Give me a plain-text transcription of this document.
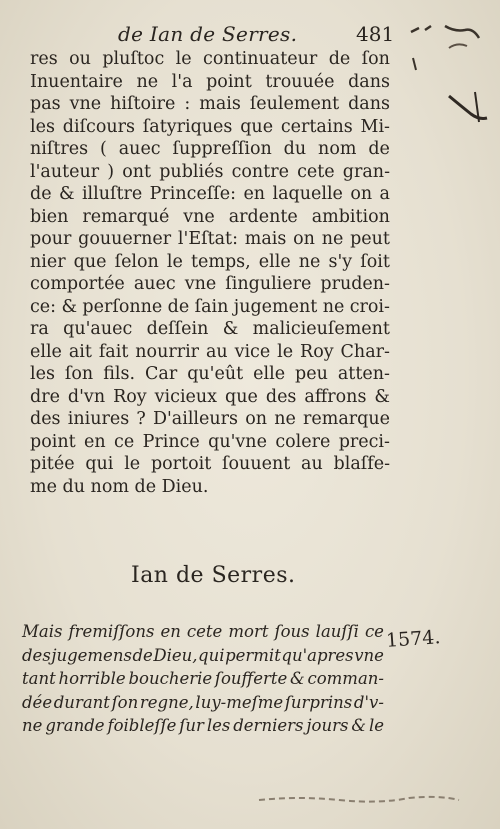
de Ian de Serres.	481
res ou pluſtoc le continuateur de ſon
Inuentaire ne l'a point trouuée dans
pas vne hiſtoire : mais ſeulement dans
les diſcours ſatyriques que certains Mi-
niſtres ( auec ſuppreſſion du nom de
l'auteur ) ont publiés contre cete gran-
de & illuſtre Princeſſe: en laquelle on a
bien remarqué vne ardente ambition
pour gouuerner l'Eſtat: mais on ne peut
nier que ſelon le temps, elle ne s'y ſoit
comportée auec vne ſinguliere pruden-
ce: & perſonne de ſain jugement ne croi-
ra qu'auec deſſein & malicieuſement
elle ait fait nourrir au vice le Roy Char-
les ſon fils. Car qu'eût elle peu atten-
dre d'vn Roy vicieux que des affrons &
des iniures ? D'ailleurs on ne remarque
point en ce Prince qu'vne colere preci-
pitée qui le portoit ſouuent au blaſfe-
me du nom de Dieu.
Ian de Serres.
Mais fremiſſons en cete mort ſous lauſſi ce
des jugemens de Dieu, qui permit qu'apres vne
tant horrible boucherie ſoufferte & comman-
dée durant ſon regne, luy-meſme ſurprins d'v-
ne grande foibleſſe ſur les derniers jours & le
1574.
